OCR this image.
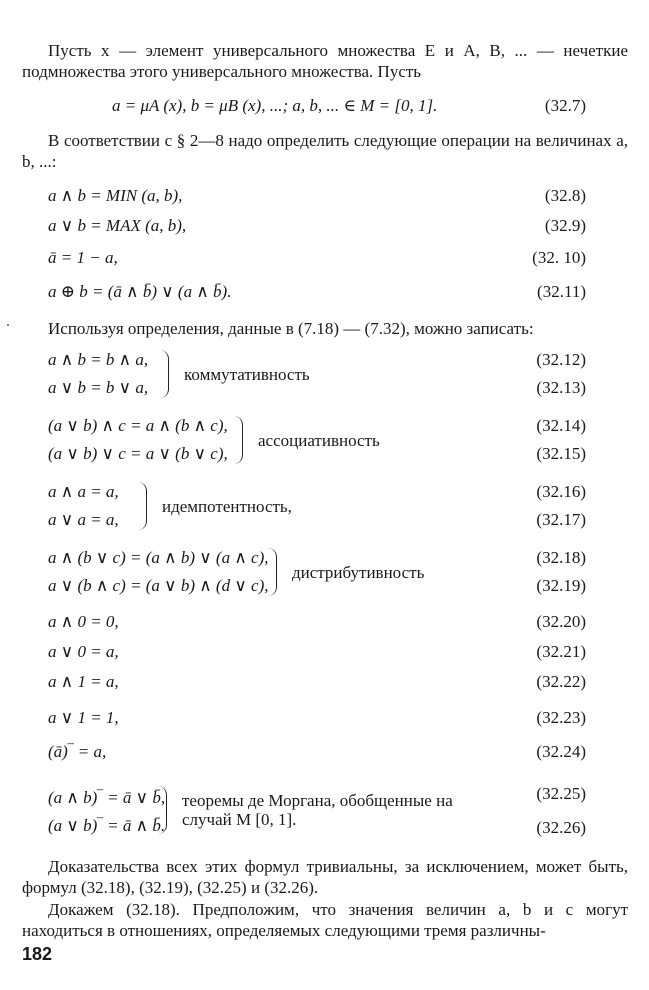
Пусть x — элемент универсального множества E и A, B, ... — нечеткие подмножества этого универсального множества. Пусть
a = μA (x), b = μB (x), ...; a, b, ... ∈ M = [0, 1].	(32.7)
В соответствии с § 2—8 надо определить следующие операции на величинах a, b, ...:
a ∧ b = MIN (a, b),	(32.8)
a ∨ b = MAX (a, b),	(32.9)
ā = 1 − a,	(32. 10)
a ⊕ b = (ā ∧ b̄) ∨ (a ∧ b̄).	(32.11)
Используя определения, данные в (7.18) — (7.32), можно записать:
a ∧ b = b ∧ a,	(32.12)
a ∨ b = b ∨ a,	(32.13)
коммутативность
(a ∨ b) ∧ c = a ∧ (b ∧ c),	(32.14)
(a ∨ b) ∨ c = a ∨ (b ∨ c),	(32.15)
ассоциативность
a ∧ a = a,	(32.16)
a ∨ a = a,	(32.17)
идемпотентность,
a ∧ (b ∨ c) = (a ∧ b) ∨ (a ∧ c),	(32.18)
a ∨ (b ∧ c) = (a ∨ b) ∧ (d ∨ c),	(32.19)
дистрибутивность
a ∧ 0 = 0,	(32.20)
a ∨ 0 = a,	(32.21)
a ∧ 1 = a,	(32.22)
a ∨ 1 = 1,	(32.23)
(ā)‾ = a,	(32.24)
(a ∧ b)‾ = ā ∨ b̄,	(32.25)
(a ∨ b)‾ = ā ∧ b̄.	(32.26)
теоремы де Моргана, обобщенные на случай M [0, 1].
Доказательства всех этих формул тривиальны, за исключением, может быть, формул (32.18), (32.19), (32.25) и (32.26).
Докажем (32.18). Предположим, что значения величин a, b и c могут находиться в отношениях, определяемых следующими тремя различны-
182
